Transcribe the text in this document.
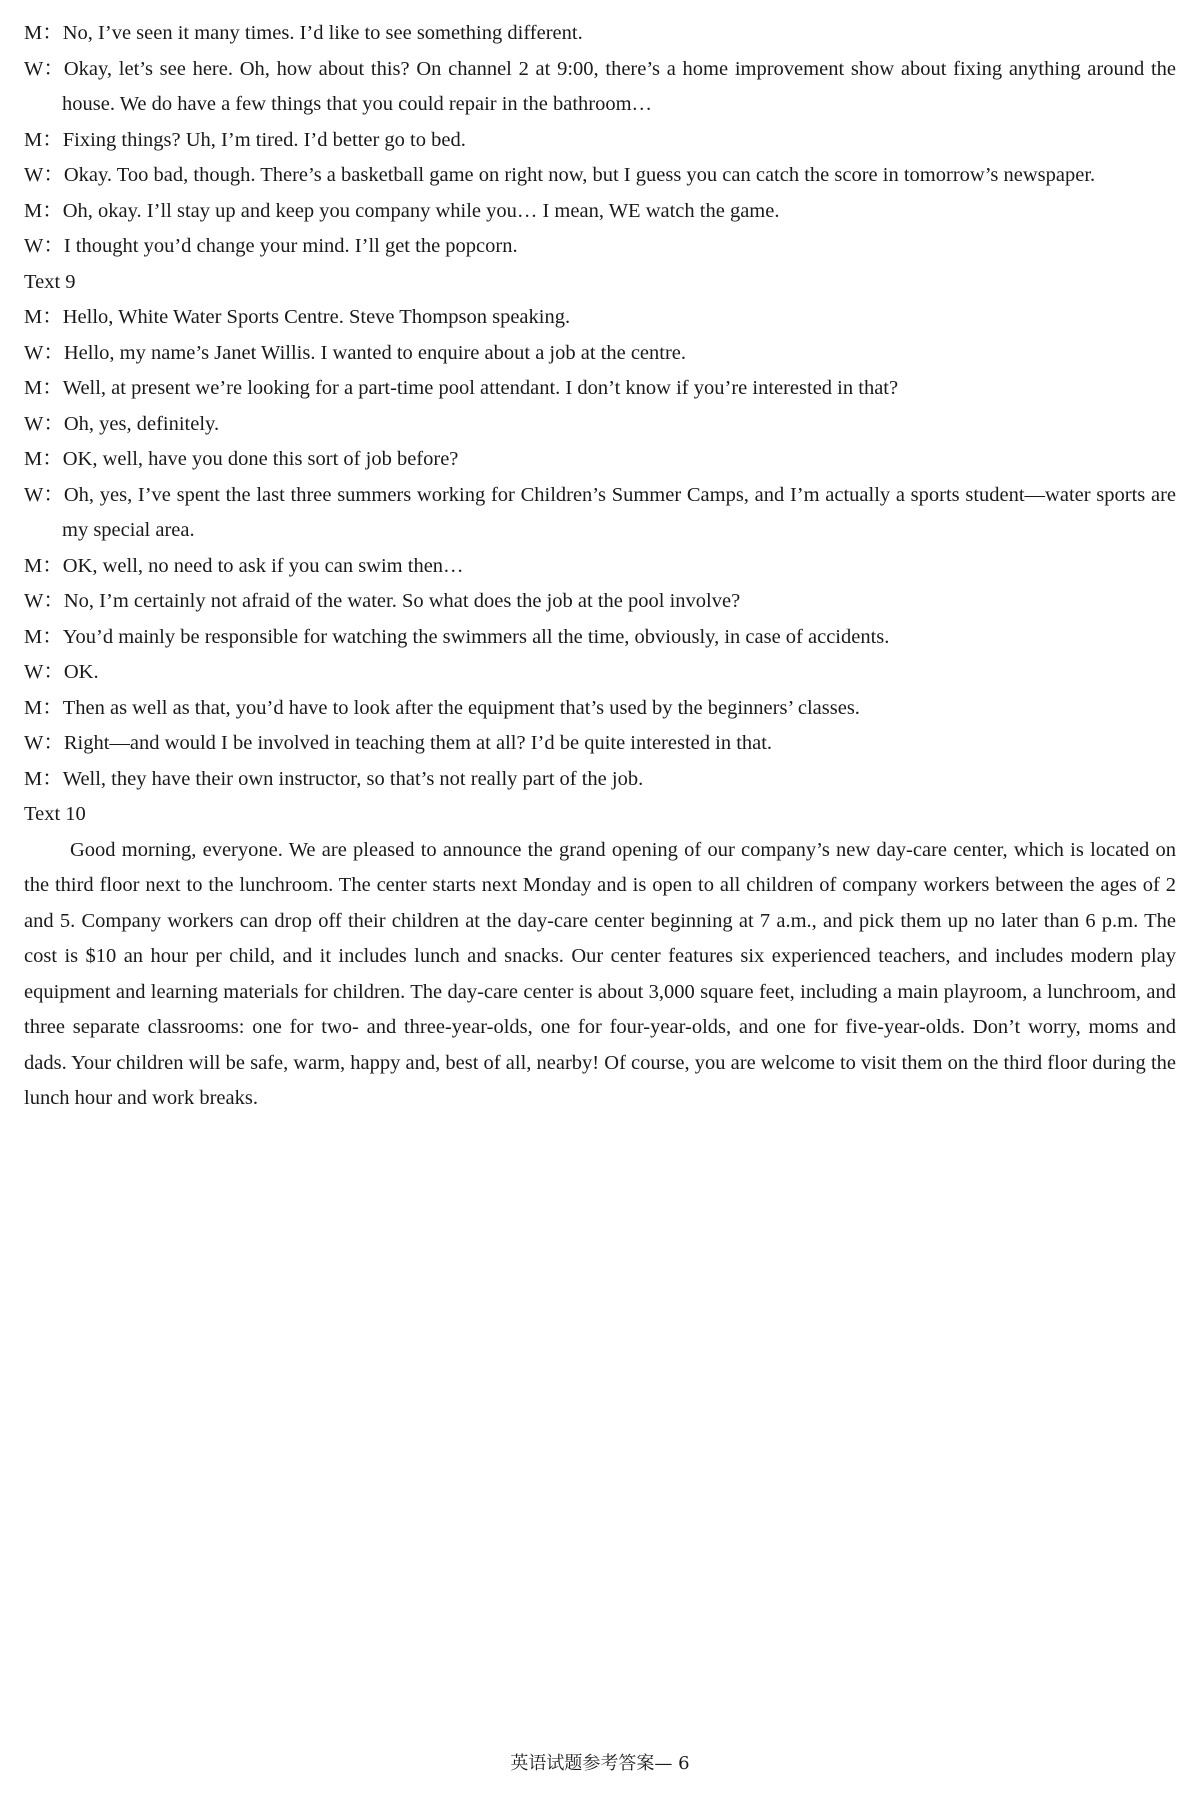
M：No, I’ve seen it many times. I’d like to see something different.

W：Okay, let’s see here. Oh, how about this? On channel 2 at 9:00, there’s a home improvement show about fixing anything around the house. We do have a few things that you could repair in the bathroom…

M：Fixing things? Uh, I’m tired. I’d better go to bed.

W：Okay. Too bad, though. There’s a basketball game on right now, but I guess you can catch the score in tomorrow’s newspaper.

M：Oh, okay. I’ll stay up and keep you company while you… I mean, WE watch the game.

W：I thought you’d change your mind. I’ll get the popcorn.

Text 9

M：Hello, White Water Sports Centre. Steve Thompson speaking.

W：Hello, my name’s Janet Willis. I wanted to enquire about a job at the centre.

M：Well, at present we’re looking for a part-time pool attendant. I don’t know if you’re interested in that?

W：Oh, yes, definitely.

M：OK, well, have you done this sort of job before?

W：Oh, yes, I’ve spent the last three summers working for Children’s Summer Camps, and I’m actually a sports student—water sports are my special area.

M：OK, well, no need to ask if you can swim then…

W：No, I’m certainly not afraid of the water. So what does the job at the pool involve?

M：You’d mainly be responsible for watching the swimmers all the time, obviously, in case of accidents.

W：OK.

M：Then as well as that, you’d have to look after the equipment that’s used by the beginners’ classes.

W：Right—and would I be involved in teaching them at all? I’d be quite interested in that.

M：Well, they have their own instructor, so that’s not really part of the job.

Text 10

Good morning, everyone. We are pleased to announce the grand opening of our company’s new day-care center, which is located on the third floor next to the lunchroom. The center starts next Monday and is open to all children of company workers between the ages of 2 and 5. Company workers can drop off their children at the day-care center beginning at 7 a.m., and pick them up no later than 6 p.m. The cost is $10 an hour per child, and it includes lunch and snacks. Our center features six experienced teachers, and includes modern play equipment and learning materials for children. The day-care center is about 3,000 square feet, including a main playroom, a lunchroom, and three separate classrooms: one for two- and three-year-olds, one for four-year-olds, and one for five-year-olds. Don’t worry, moms and dads. Your children will be safe, warm, happy and, best of all, nearby! Of course, you are welcome to visit them on the third floor during the lunch hour and work breaks.

英语试题参考答案— 6
